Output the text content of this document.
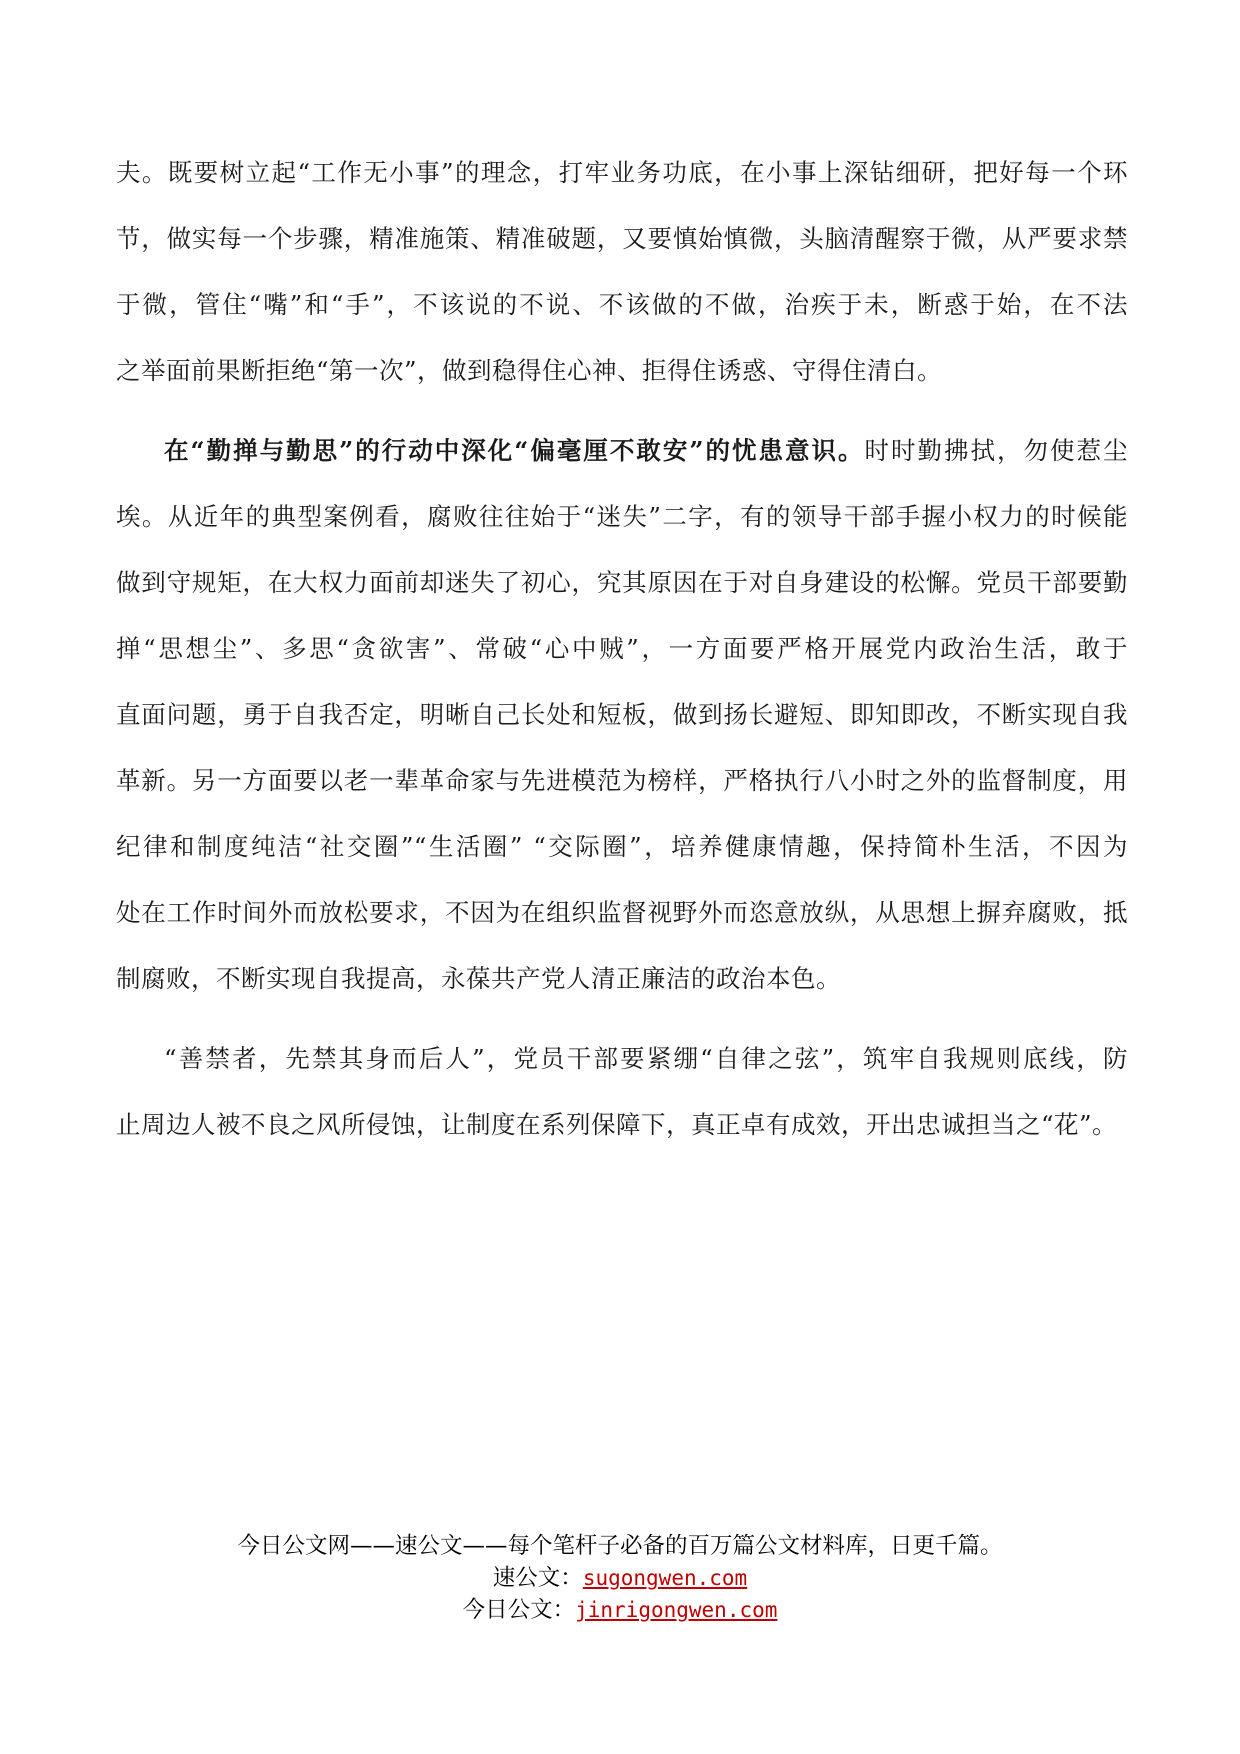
夫。既要树立起“工作无小事”的理念，打牢业务功底，在小事上深钻细研，把好每一个环
节，做实每一个步骤，精准施策、精准破题，又要慎始慎微，头脑清醒察于微，从严要求禁
于微，管住“嘴”和“手”，不该说的不说、不该做的不做，治疾于未，断惑于始，在不法
之举面前果断拒绝“第一次”，做到稳得住心神、拒得住诱惑、守得住清白。
在“勤掸与勤思”的行动中深化“偏毫厘不敢安”的忧患意识。时时勤拂拭，勿使惹尘
埃。从近年的典型案例看，腐败往往始于“迷失”二字，有的领导干部手握小权力的时候能
做到守规矩，在大权力面前却迷失了初心，究其原因在于对自身建设的松懈。党员干部要勤
掸“思想尘”、多思“贪欲害”、常破“心中贼”，一方面要严格开展党内政治生活，敢于
直面问题，勇于自我否定，明晰自己长处和短板，做到扬长避短、即知即改，不断实现自我
革新。另一方面要以老一辈革命家与先进模范为榜样，严格执行八小时之外的监督制度，用
纪律和制度纯洁“社交圈”“生活圈” “交际圈”，培养健康情趣，保持简朴生活，不因为
处在工作时间外而放松要求，不因为在组织监督视野外而恣意放纵，从思想上摒弃腐败，抵
制腐败，不断实现自我提高，永葆共产党人清正廉洁的政治本色。
“善禁者，先禁其身而后人”，党员干部要紧绷“自律之弦”，筑牢自我规则底线，防
止周边人被不良之风所侵蚀，让制度在系列保障下，真正卓有成效，开出忠诚担当之“花”。
今日公文网——速公文——每个笔杆子必备的百万篇公文材料库，日更千篇。
速公文：sugongwen.com
今日公文：jinrigongwen.com
